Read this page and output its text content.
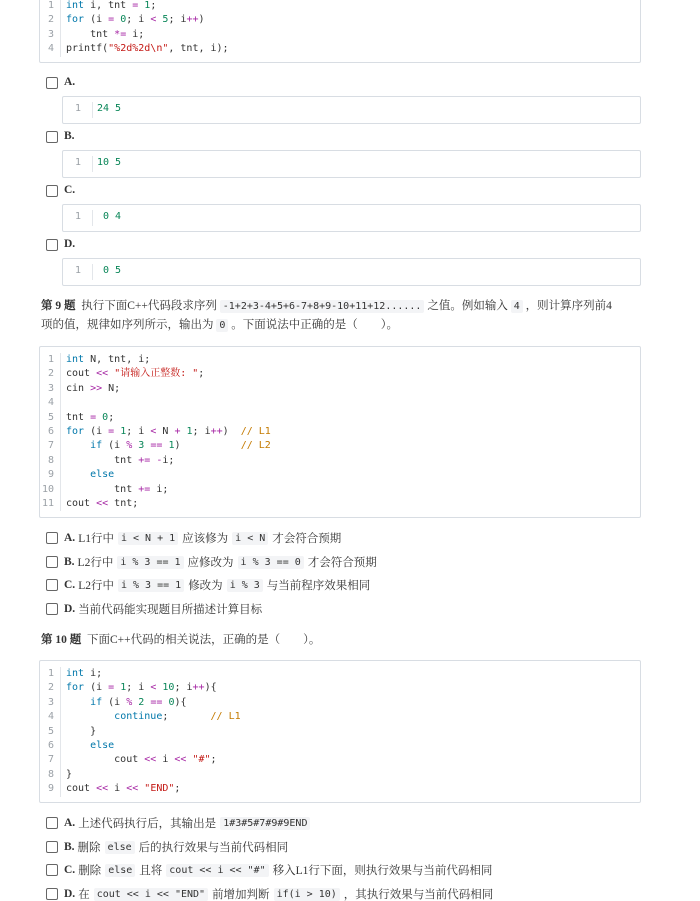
1	int i, tnt = 1;
2	for (i = 0; i < 5; i++)
3	tnt *= i;
4	printf("%2d%2d\n", tnt, i);
A.
1	24 5
B.
1	10 5
C.
1	0 4
D.
1	0 5
第 9 题 执行下面C++代码段求序列 -1+2+3-4+5+6-7+8+9-10+11+12...... 之值。例如输入 4 ，则计算序列前4
项的值，规律如序列所示，输出为 0 。下面说法中正确的是（　　）。
1	int N, tnt, i;
2	cout << "请输入正整数: ";
3	cin >> N;
4
5	tnt = 0;
6	for (i = 1; i < N + 1; i++)  // L1
7	if (i % 3 == 1)          // L2
8	tnt += -i;
9	else
10	tnt += i;
11	cout << tnt;
A. L1行中 i < N + 1 应该修为 i < N 才会符合预期
B. L2行中 i % 3 == 1 应修改为 i % 3 == 0 才会符合预期
C. L2行中 i % 3 == 1 修改为 i % 3 与当前程序效果相同
D. 当前代码能实现题目所描述计算目标
第 10 题 下面C++代码的相关说法，正确的是（　　）。
1	int i;
2	for (i = 1; i < 10; i++){
3	if (i % 2 == 0){
4	continue;       // L1
5	}
6	else
7	cout << i << "#";
8	}
9	cout << i << "END";
A. 上述代码执行后，其输出是 1#3#5#7#9#9END
B. 删除 else 后的执行效果与当前代码相同
C. 删除 else 且将 cout << i << "#" 移入L1行下面，则执行效果与当前代码相同
D. 在 cout << i << "END" 前增加判断 if(i > 10) ，其执行效果与当前代码相同
